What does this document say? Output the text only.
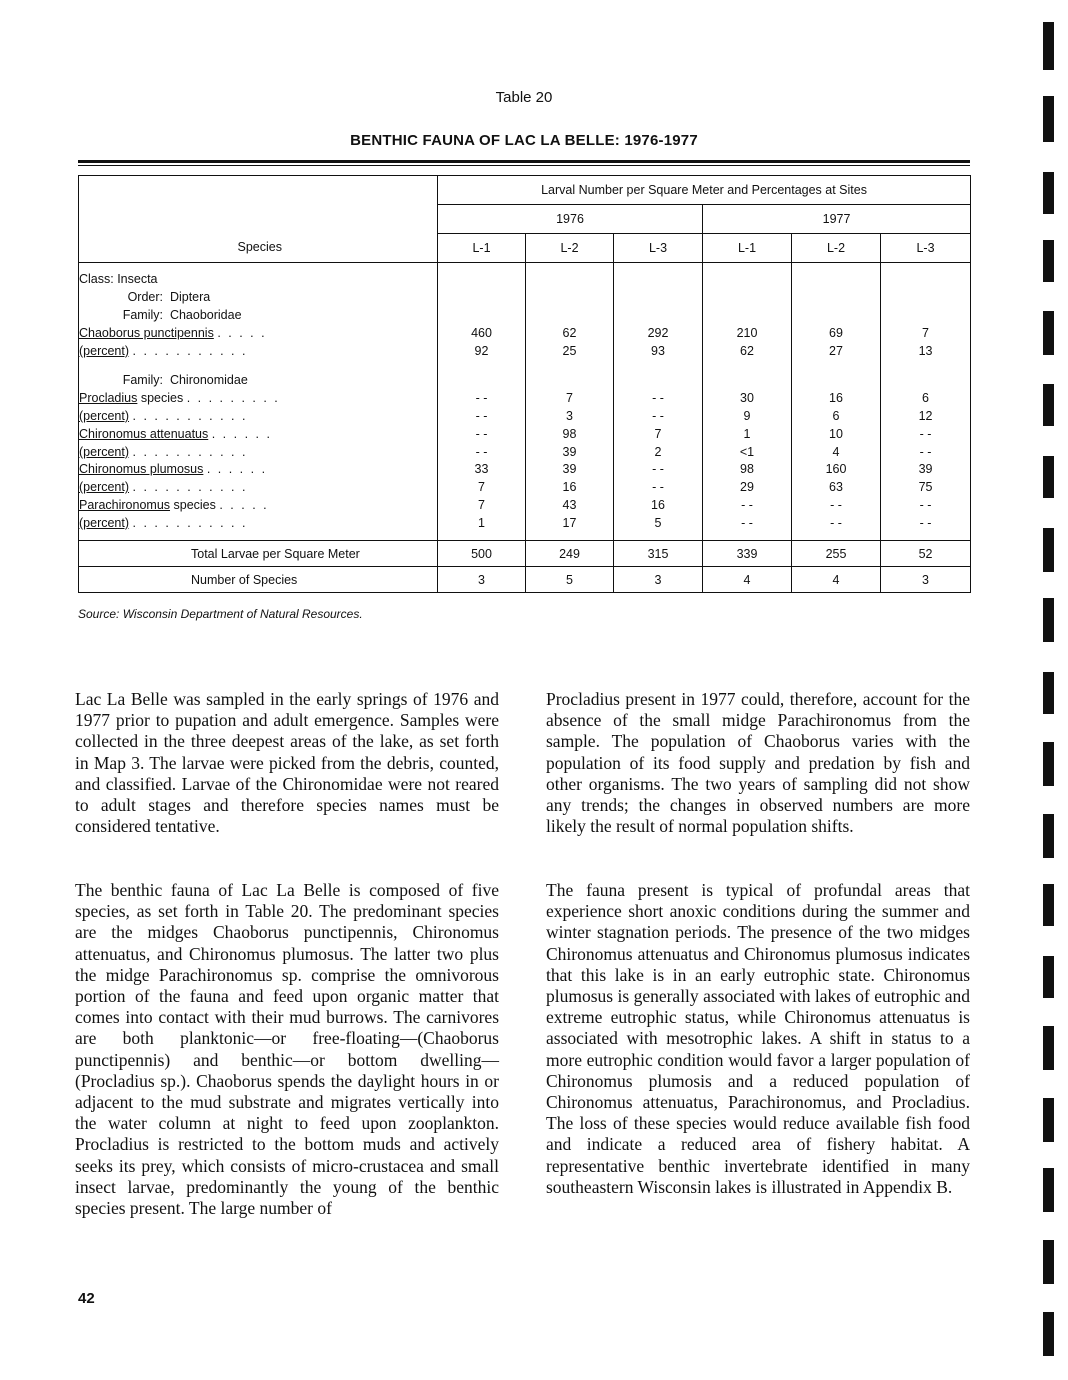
Table 20
BENTHIC FAUNA OF LAC LA BELLE: 1976-1977
Species	Larval Number per Square Meter and Percentages at Sites					
	1976			1977		
	L-1	L-2	L-3	L-1	L-2	L-3

Class: Insecta						
Order: Diptera						
Family: Chaoboridae						
Chaoborus punctipennis . . . . .	460	62	292	210	69	7
(percent) . . . . . . . . . . .	92	25	93	62	27	13

Family: Chironomidae						
Procladius species . . . . . . . . .	- -	7	- -	30	16	6
(percent) . . . . . . . . . . .	- -	3	- -	9	6	12
Chironomus attenuatus . . . . . .	- -	98	7	1	10	- -
(percent) . . . . . . . . . . .	- -	39	2	<1	4	- -
Chironomus plumosus . . . . . .	33	39	- -	98	160	39
(percent) . . . . . . . . . . .	7	16	- -	29	63	75
Parachironomus species . . . . .	7	43	16	- -	- -	- -
(percent) . . . . . . . . . . .	1	17	5	- -	- -	- -

Total Larvae per Square Meter	500	249	315	339	255	52
Number of Species	3	5	3	4	4	3
Source: Wisconsin Department of Natural Resources.

Lac La Belle was sampled in the early springs of 1976 and 1977 prior to pupation and adult emergence. Samples were collected in the three deepest areas of the lake, as set forth in Map 3. The larvae were picked from the debris, counted, and classified. Larvae of the Chironomidae were not reared to adult stages and therefore species names must be considered tentative.

The benthic fauna of Lac La Belle is composed of five species, as set forth in Table 20. The predominant species are the midges Chaoborus punctipennis, Chironomus attenuatus, and Chironomus plumosus. The latter two plus the midge Parachironomus sp. comprise the omnivorous portion of the fauna and feed upon organic matter that comes into contact with their mud burrows. The carnivores are both planktonic—or free-floating—(Chaoborus punctipennis) and benthic—or bottom dwelling—(Procladius sp.). Chaoborus spends the daylight hours in or adjacent to the mud substrate and migrates vertically into the water column at night to feed upon zooplankton. Procladius is restricted to the bottom muds and actively seeks its prey, which consists of micro-crustacea and small insect larvae, predominantly the young of the benthic species present. The large number of

Procladius present in 1977 could, therefore, account for the absence of the small midge Parachironomus from the sample. The population of Chaoborus varies with the population of its food supply and predation by fish and other organisms. The two years of sampling did not show any trends; the changes in observed numbers are more likely the result of normal population shifts.

The fauna present is typical of profundal areas that experience short anoxic conditions during the summer and winter stagnation periods. The presence of the two midges Chironomus attenuatus and Chironomus plumosus indicates that this lake is in an early eutrophic state. Chironomus plumosus is generally associated with lakes of eutrophic and extreme eutrophic status, while Chironomus attenuatus is associated with mesotrophic lakes. A shift in status to a more eutrophic condition would favor a larger population of Chironomus plumosis and a reduced population of Chironomus attenuatus, Parachironomus, and Procladius. The loss of these species would reduce available fish food and indicate a reduced area of fishery habitat. A representative benthic invertebrate identified in many southeastern Wisconsin lakes is illustrated in Appendix B.

42
